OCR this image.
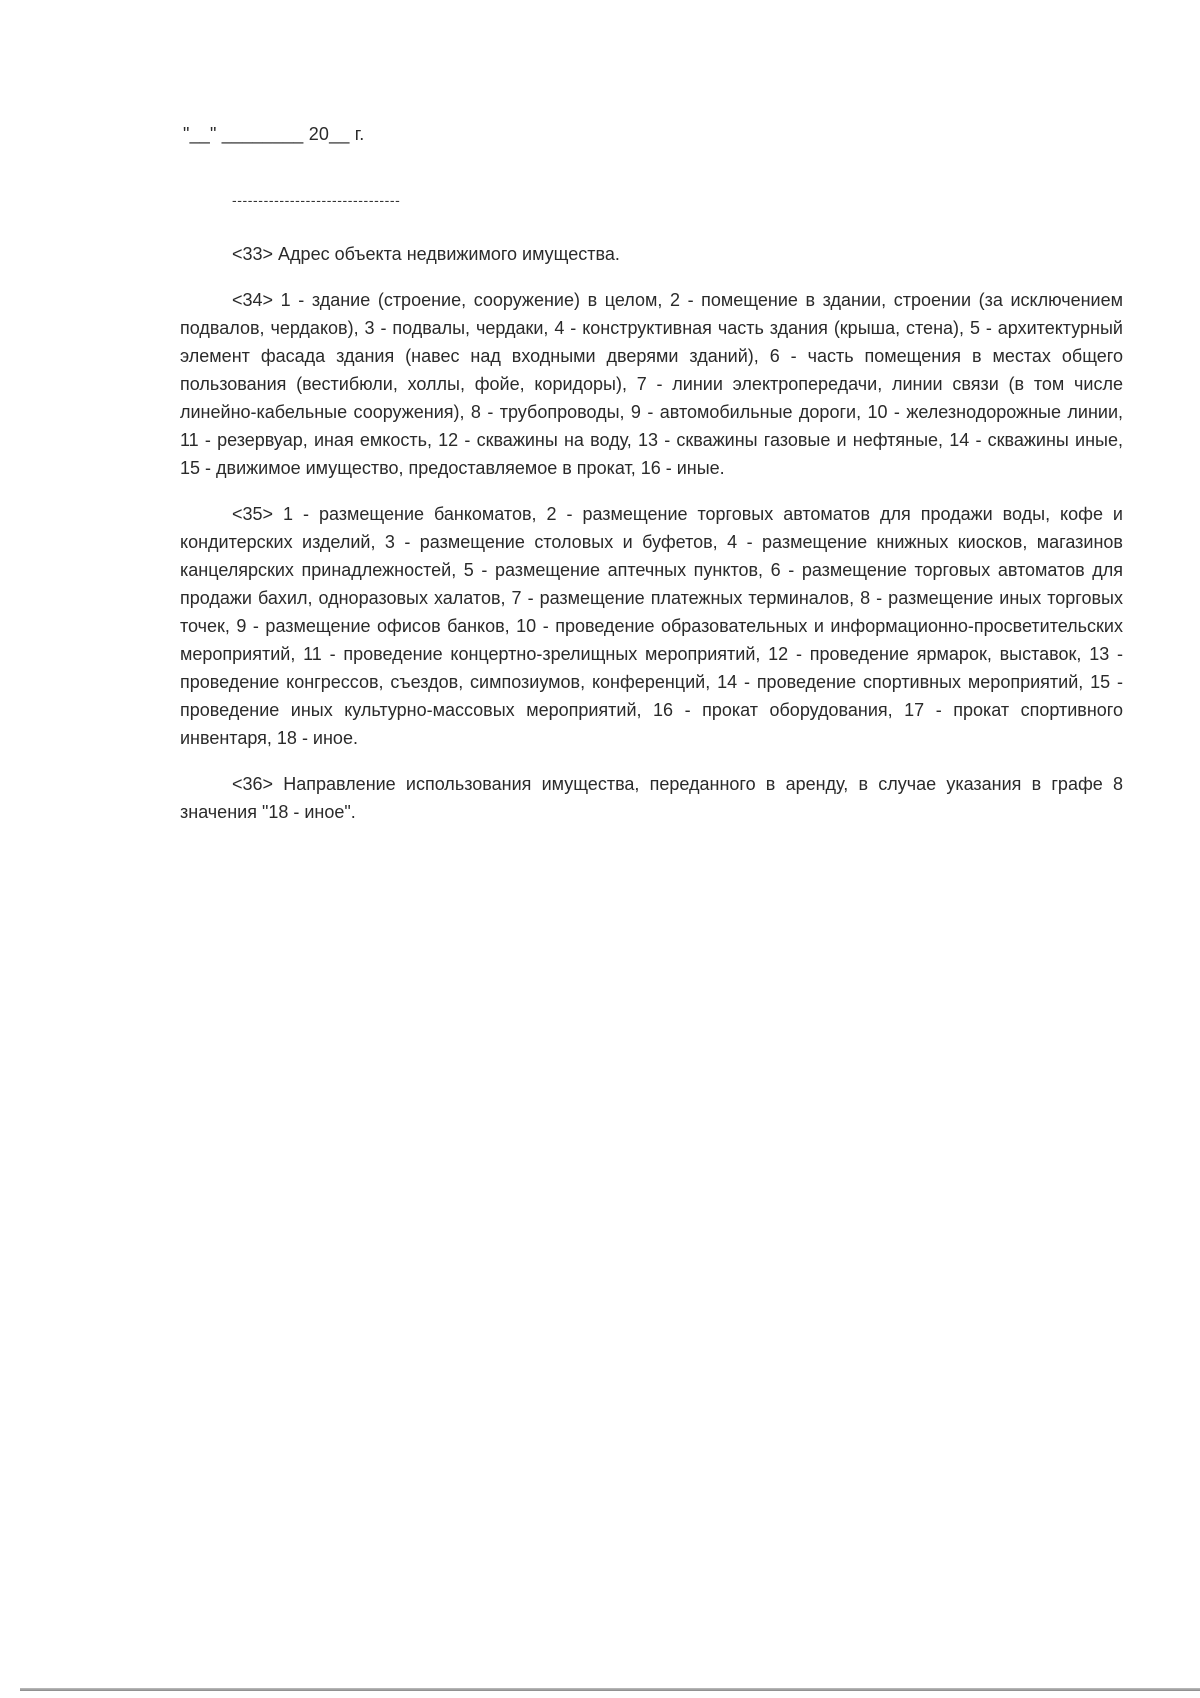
"__" ________ 20__ г.
--------------------------------

<33> Адрес объекта недвижимого имущества.

<34> 1 - здание (строение, сооружение) в целом, 2 - помещение в здании, строении (за исключением подвалов, чердаков), 3 - подвалы, чердаки, 4 - конструктивная часть здания (крыша, стена), 5 - архитектурный элемент фасада здания (навес над входными дверями зданий), 6 - часть помещения в местах общего пользования (вестибюли, холлы, фойе, коридоры), 7 - линии электропередачи, линии связи (в том числе линейно-кабельные сооружения), 8 - трубопроводы, 9 - автомобильные дороги, 10 - железнодорожные линии, 11 - резервуар, иная емкость, 12 - скважины на воду, 13 - скважины газовые и нефтяные, 14 - скважины иные, 15 - движимое имущество, предоставляемое в прокат, 16 - иные.

<35> 1 - размещение банкоматов, 2 - размещение торговых автоматов для продажи воды, кофе и кондитерских изделий, 3 - размещение столовых и буфетов, 4 - размещение книжных киосков, магазинов канцелярских принадлежностей, 5 - размещение аптечных пунктов, 6 - размещение торговых автоматов для продажи бахил, одноразовых халатов, 7 - размещение платежных терминалов, 8 - размещение иных торговых точек, 9 - размещение офисов банков, 10 - проведение образовательных и информационно-просветительских мероприятий, 11 - проведение концертно-зрелищных мероприятий, 12 - проведение ярмарок, выставок, 13 - проведение конгрессов, съездов, симпозиумов, конференций, 14 - проведение спортивных мероприятий, 15 - проведение иных культурно-массовых мероприятий, 16 - прокат оборудования, 17 - прокат спортивного инвентаря, 18 - иное.

<36> Направление использования имущества, переданного в аренду, в случае указания в графе 8 значения "18 - иное".
